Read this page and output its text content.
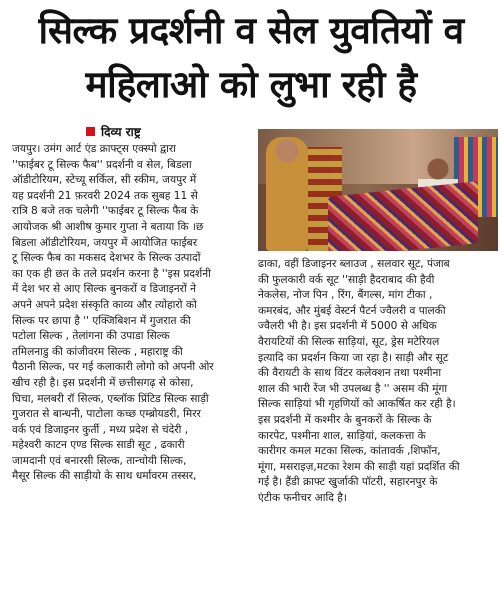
सिल्क प्रदर्शनी व सेल युवतियों व
महिलाओ को लुभा रही है
दिव्य राष्ट्र
जयपुर। उमंग आर्ट एंड क्राफ्ट्स एक्स्पो द्वारा
''फाईबर टू सिल्क फैब'' प्रदर्शनी व सेल, बिडला
ऑडीटोरियम, स्टेच्यू सर्किल, सी स्कीम, जयपुर में
यह प्रदर्शनी 21 फ़रवरी 2024 तक सुबह 11 से
रात्रि 8 बजे तक चलेगी ''फाईबर टू सिल्क फैब के
आयोजक श्री आशीष कुमार गुप्ता ने बताया कि ।छ
बिडला ऑडीटोरियम, जयपुर में आयोजित फाईबर
टू सिल्क फैब का मकसद देशभर के सिल्क उत्पादों
का एक ही छत के तले प्रदर्शन करना है ''इस प्रदर्शनी
में देश भर से आए सिल्क बुनकरों व डिजाइनरों ने
अपने अपने प्रदेश संस्कृति काव्य और त्योहारो को
सिल्क पर छापा है '' एक्जिबिशन में गुजरात की
पटोला सिल्क , तेलांगना की उपाडा सिल्क
तमिलनाडु की कांजीवरम सिल्क , महाराष्ट्र की
पैठानी सिल्क, पर गई कलाकारी लोगो को अपनी ओर
खीच रही है। इस प्रदर्शनी में छत्तीसगढ़ से कोसा,
घिचा, मलबरी रॉ सिल्क, एब्लॉक प्रिंटिड सिल्क साड़ी
गुजरात से बान्धनी, पाटोला कच्छ एम्ब्रोयडरी, मिरर
वर्क एवं डिजाइनर कुर्ती , मध्य प्रदेश से चंदेरी ,
महेश्वरी काटन एण्ड सिल्क साडी सूट , ढकारी
जामदानी एवं बनारसी सिल्क, तान्चोयी सिल्क,
मैसूर सिल्क की साड़ीयो के साथ धर्मावरम तस्सर,
ढाका, वहीं डिजाइनर ब्लाउज , सलवार सूट, पंजाब
की फुलकारी वर्क सूट ''साड़ी हैदराबाद की हैवी
नेकलेस, नोज पिन , रिंग, बैंगल्स, मांग टीका ,
कमरबंद, और मुंबई वेस्टर्न पैटर्न ज्वैलरी व पालकी
ज्वैलरी भी है। इस प्रदर्शनी में 5000 से अधिक
वैरायटियों की सिल्क साड़ियां, सूट, ड्रेस मटेरियल
इत्यादि का प्रदर्शन किया जा रहा है। साड़ी और सूट
की वैरायटी के साथ विंटर कलेक्शन तथा पश्मीना
शाल की भारी रेंज भी उपलब्ध है '' असम की मूंगा
सिल्क साड़ियां भी गृहणियों को आकर्षित कर रही है।
इस प्रदर्शनी में कश्मीर के बुनकरों के सिल्क के
कारपेट, पश्मीना शाल, साड़ियां, कलकत्ता के
कारीगर कमल मटका सिल्क, कांतावर्क ,शिफॉन,
मूंगा, मसराइज़,मटका रेशम की साड़ी यहां प्रदर्शित की
गई है। हैंडी क्राफ्ट खुर्जाकी पॉटरी, सहारनपुर के
एंटीक फनीचर आदि है।
